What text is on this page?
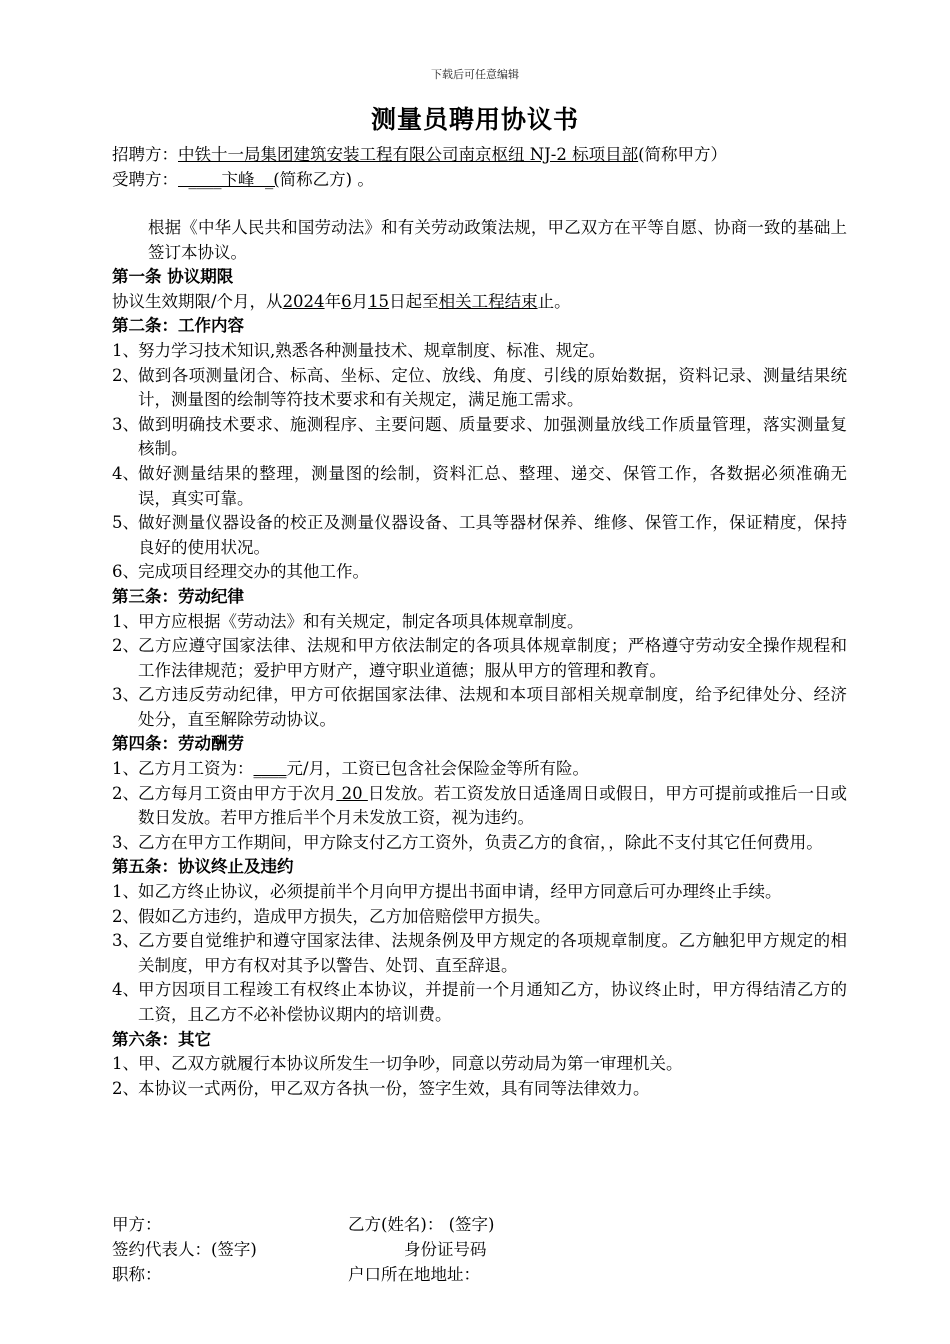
下载后可任意编辑
测量员聘用协议书
招聘方：中铁十一局集团建筑安装工程有限公司南京枢纽 NJ-2 标项目部(简称甲方）
受聘方：  ____卞峰  _(简称乙方) 。
根据《中华人民共和国劳动法》和有关劳动政策法规，甲乙双方在平等自愿、协商一致的基础上签订本协议。
第一条 协议期限
协议生效期限/个月，从2024年6月15日起至相关工程结束止。
第二条：工作内容
1、 努力学习技术知识,熟悉各种测量技术、规章制度、标准、规定。
2、 做到各项测量闭合、标高、坐标、定位、放线、角度、引线的原始数据，资料记录、测量结果统计，测量图的绘制等符技术要求和有关规定，满足施工需求。
3、 做到明确技术要求、施测程序、主要问题、质量要求、加强测量放线工作质量管理，落实测量复核制。
4、 做好测量结果的整理，测量图的绘制，资料汇总、整理、递交、保管工作，各数据必须准确无误，真实可靠。
5、 做好测量仪器设备的校正及测量仪器设备、工具等器材保养、维修、保管工作，保证精度，保持良好的使用状况。
6、 完成项目经理交办的其他工作。
第三条：劳动纪律
1、 甲方应根据《劳动法》和有关规定，制定各项具体规章制度。
2、 乙方应遵守国家法律、法规和甲方依法制定的各项具体规章制度；严格遵守劳动安全操作规程和工作法律规范；爱护甲方财产，遵守职业道德；服从甲方的管理和教育。
3、 乙方违反劳动纪律，甲方可依据国家法律、法规和本项目部相关规章制度，给予纪律处分、经济处分，直至解除劳动协议。
第四条：劳动酬劳
1、 乙方月工资为：____元/月，工资已包含社会保险金等所有险。
2、 乙方每月工资由甲方于次月 20 日发放。若工资发放日适逢周日或假日，甲方可提前或推后一日或数日发放。若甲方推后半个月未发放工资，视为违约。
3、 乙方在甲方工作期间，甲方除支付乙方工资外，负责乙方的食宿，，除此不支付其它任何费用。
第五条：协议终止及违约
1、 如乙方终止协议，必须提前半个月向甲方提出书面申请，经甲方同意后可办理终止手续。
2、 假如乙方违约，造成甲方损失，乙方加倍赔偿甲方损失。
3、 乙方要自觉维护和遵守国家法律、法规条例及甲方规定的各项规章制度。乙方触犯甲方规定的相关制度，甲方有权对其予以警告、处罚、直至辞退。
4、 甲方因项目工程竣工有权终止本协议，并提前一个月通知乙方，协议终止时，甲方得结清乙方的工资，且乙方不必补偿协议期内的培训费。
第六条：其它
1、 甲、乙双方就履行本协议所发生一切争吵，同意以劳动局为第一审理机关。
2、 本协议一式两份，甲乙双方各执一份，签字生效，具有同等法律效力。
甲方：	乙方(姓名)： (签字)
签约代表人：(签字)	身份证号码
职称：	户口所在地地址：
